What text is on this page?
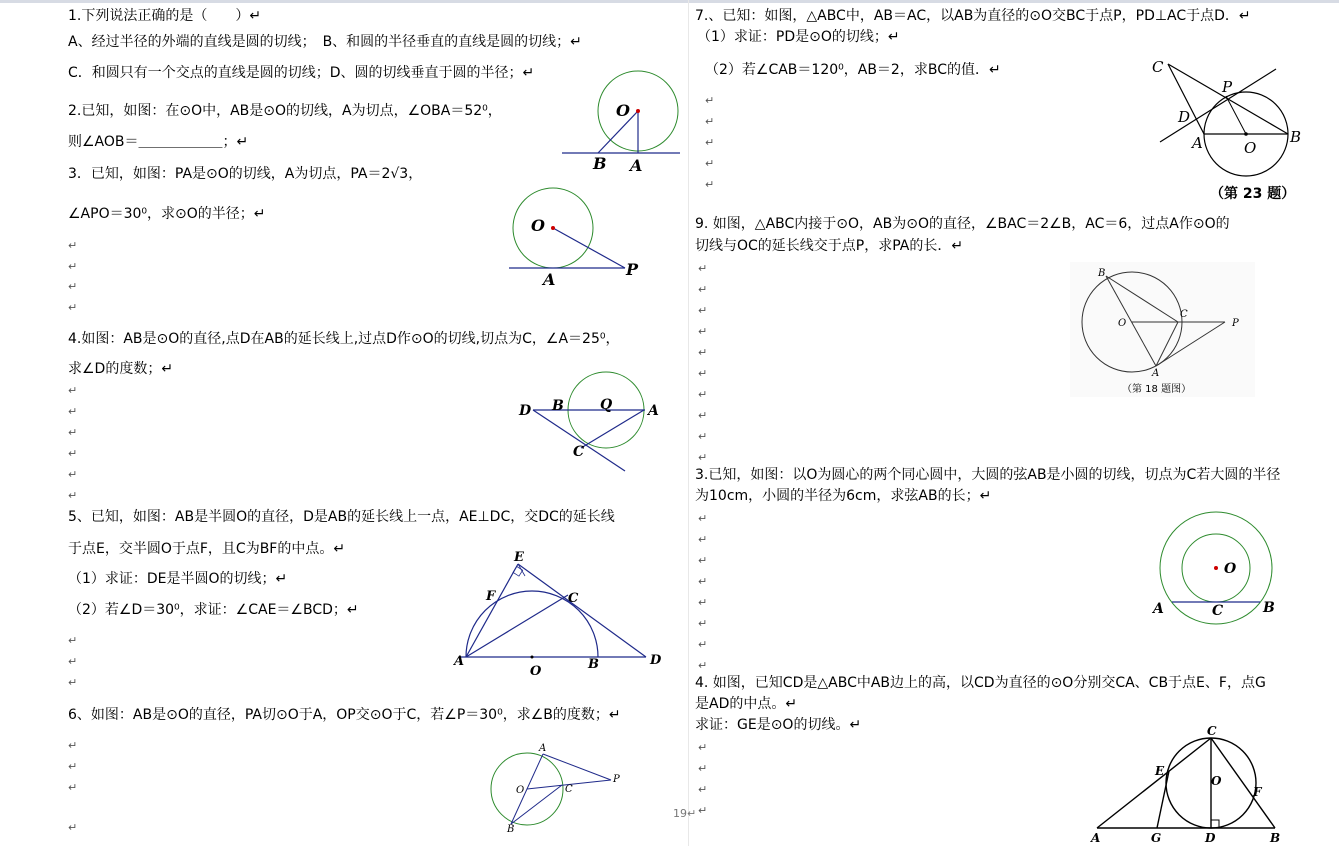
1.下列说法正确的是（　　）↵
A、经过半径的外端的直线是圆的切线；　B、和圆的半径垂直的直线是圆的切线；↵
C．和圆只有一个交点的直线是圆的切线；D、圆的切线垂直于圆的半径；↵
2.已知，如图：在⊙O中，AB是⊙O的切线，A为切点，∠OBA＝52⁰，
则∠AOB＝＿＿＿＿＿＿；↵
O
B A
3．已知，如图：PA是⊙O的切线，A为切点，PA＝2√3，
∠APO＝30⁰，求⊙O的半径；↵
↵
↵
↵
↵
O
A
P
4.如图：AB是⊙O的直径,点D在AB的延长线上,过点D作⊙O的切线,切点为C，∠A＝25⁰，
求∠D的度数；↵
↵
↵
↵
↵
↵
↵
D B	Q	A
C
5、已知，如图：AB是半圆O的直径，D是AB的延长线上一点，AE⊥DC，交DC的延长线
于点E，交半圆O于点F，且C为BF的中点。↵
（1）求证：DE是半圆O的切线；↵
（2）若∠D＝30⁰，求证：∠CAE＝∠BCD；↵
↵
↵
↵
E
F	C
A
O	B	D
6、如图：AB是⊙O的直径，PA切⊙O于A，OP交⊙O于C，若∠P＝30⁰，求∠B的度数；↵
↵
↵
↵
↵
A
O	C
P
B
19↵
7.、已知：如图，△ABC中，AB＝AC，以AB为直径的⊙O交BC于点P，PD⊥AC于点D．↵
（1）求证：PD是⊙O的切线；↵
（2）若∠CAB＝120⁰，AB＝2，求BC的值．↵
↵
↵
↵
↵
↵
C
P
D
A	O
B
（第 23 题）
9. 如图，△ABC内接于⊙O，AB为⊙O的直径，∠BAC＝2∠B，AC＝6，过点A作⊙O的
切线与OC的延长线交于点P，求PA的长．↵
↵
↵
↵
↵
↵
↵
↵
↵
↵
↵
B
O
C
P
A
（第 18 题图）
3.已知，如图：以O为圆心的两个同心圆中，大圆的弦AB是小圆的切线，切点为C若大圆的半径
为10cm，小圆的半径为6cm，求弦AB的长；↵
↵
↵
↵
↵
↵
↵
↵
↵
O
A	C	B
4. 如图，已知CD是△ABC中AB边上的高，以CD为直径的⊙O分别交CA、CB于点E、F，点G
是AD的中点。↵
求证：GE是⊙O的切线。↵
↵
↵
↵
↵
C
E
O
F
A	G	D	B
